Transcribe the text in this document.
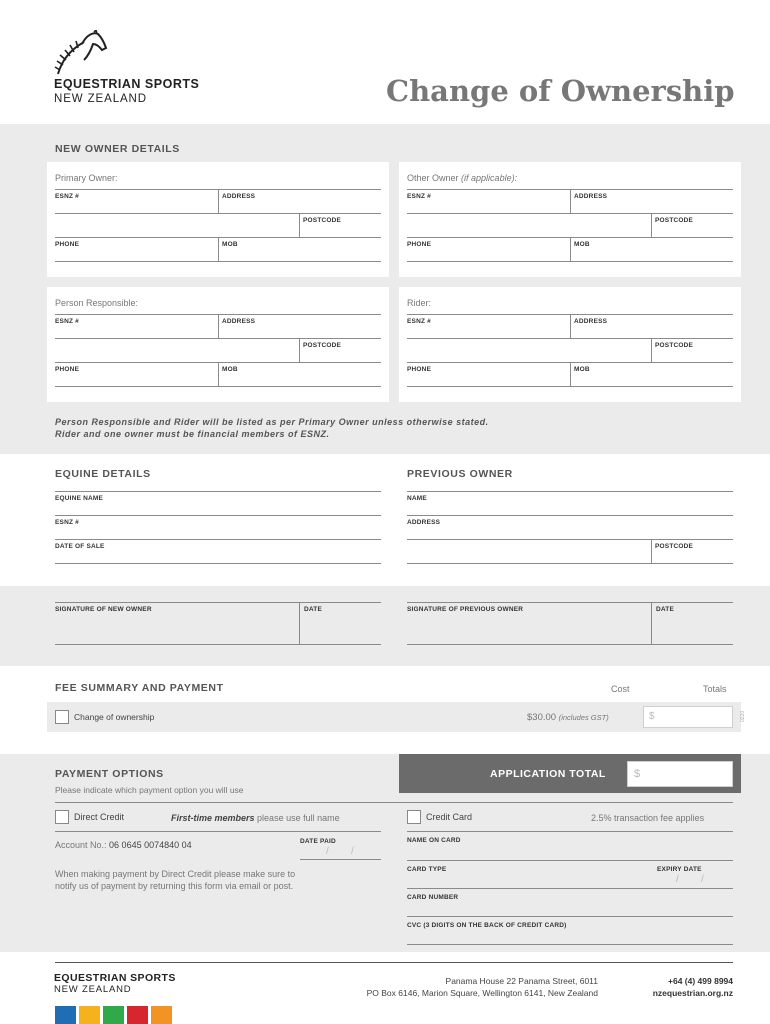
EQUESTRIAN SPORTS
NEW ZEALAND	Change of Ownership
NEW OWNER DETAILS
Primary Owner:
ESNZ #	ADDRESS
POSTCODE
PHONE	MOB
Other Owner (if applicable):
ESNZ #	ADDRESS
POSTCODE
PHONE	MOB
Person Responsible:
ESNZ #	ADDRESS
POSTCODE
PHONE	MOB
Rider:
ESNZ #	ADDRESS
POSTCODE
PHONE	MOB
Person Responsible and Rider will be listed as per Primary Owner unless otherwise stated.
Rider and one owner must be financial members of ESNZ.
EQUINE DETAILS
EQUINE NAME
ESNZ #
DATE OF SALE
PREVIOUS OWNER
NAME
ADDRESS
POSTCODE
SIGNATURE OF NEW OWNER	DATE	SIGNATURE OF PREVIOUS OWNER	DATE
FEE SUMMARY AND PAYMENT	Cost	Totals
Change of ownership	$30.00 (includes GST)	$	0220
PAYMENT OPTIONS
Please indicate which payment option you will use
APPLICATION TOTAL	$
Direct Credit	First-time members please use full name
Account No.: 06 0645 0074840 04	DATE PAID
/        /
When making payment by Direct Credit please make sure to
notify us of payment by returning this form via email or post.
Credit Card	2.5% transaction fee applies
NAME ON CARD
CARD TYPE	EXPIRY DATE
/        /
CARD NUMBER
CVC (3 DIGITS ON THE BACK OF CREDIT CARD)
EQUESTRIAN SPORTS
NEW ZEALAND
Panama House 22 Panama Street, 6011
PO Box 6146, Marion Square, Wellington 6141, New Zealand
+64 (4) 499 8994
nzequestrian.org.nz
